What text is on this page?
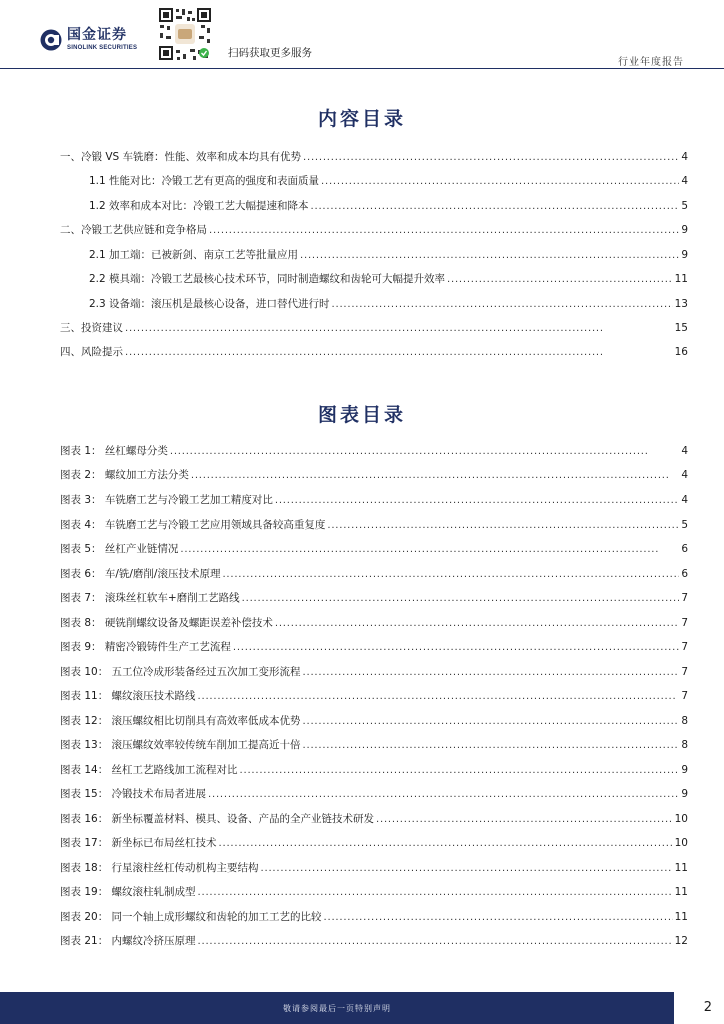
国金证券
SINOLINK SECURITIES	扫码获取更多服务
行业年度报告
内容目录
一、冷锻 VS 车铣磨：性能、效率和成本均具有优势 . . .	4
1.1 性能对比：冷锻工艺有更高的强度和表面质量 . . .	4
1.2 效率和成本对比：冷锻工艺大幅提速和降本 . . .	5
二、冷锻工艺供应链和竞争格局 . . .	9
2.1 加工端：已被新剑、南京工艺等批量应用 . . .	9
2.2 模具端：冷锻工艺最核心技术环节，同时制造螺纹和齿轮可大幅提升效率 . . .	11
2.3 设备端：滚压机是最核心设备，进口替代进行时 . . .	13
三、投资建议 . . .	15
四、风险提示 . . .	16
图表目录
图表 1： 丝杠螺母分类 . . .	4
图表 2： 螺纹加工方法分类 . . .	4
图表 3： 车铣磨工艺与冷锻工艺加工精度对比 . . .	4
图表 4： 车铣磨工艺与冷锻工艺应用领域具备较高重复度 . . .	5
图表 5： 丝杠产业链情况 . . .	6
图表 6： 车/铣/磨削/滚压技术原理 . . .	6
图表 7： 滚珠丝杠软车+磨削工艺路线 . . .	7
图表 8： 硬铣削螺纹设备及螺距误差补偿技术 . . .	7
图表 9： 精密冷锻铸件生产工艺流程 . . .	7
图表 10： 五工位冷成形装备经过五次加工变形流程 . . .	7
图表 11： 螺纹滚压技术路线 . . .	7
图表 12： 滚压螺纹相比切削具有高效率低成本优势 . . .	8
图表 13： 滚压螺纹效率较传统车削加工提高近十倍 . . .	8
图表 14： 丝杠工艺路线加工流程对比 . . .	9
图表 15： 冷锻技术布局者进展 . . .	9
图表 16： 新坐标覆盖材料、模具、设备、产品的全产业链技术研发 . . .	10
图表 17： 新坐标已布局丝杠技术 . . .	10
图表 18： 行星滚柱丝杠传动机构主要结构 . . .	11
图表 19： 螺纹滚柱轧制成型 . . .	11
图表 20： 同一个轴上成形螺纹和齿轮的加工工艺的比较 . . .	11
图表 21： 内螺纹冷挤压原理 . . .	12
敬请参阅最后一页特别声明	2
